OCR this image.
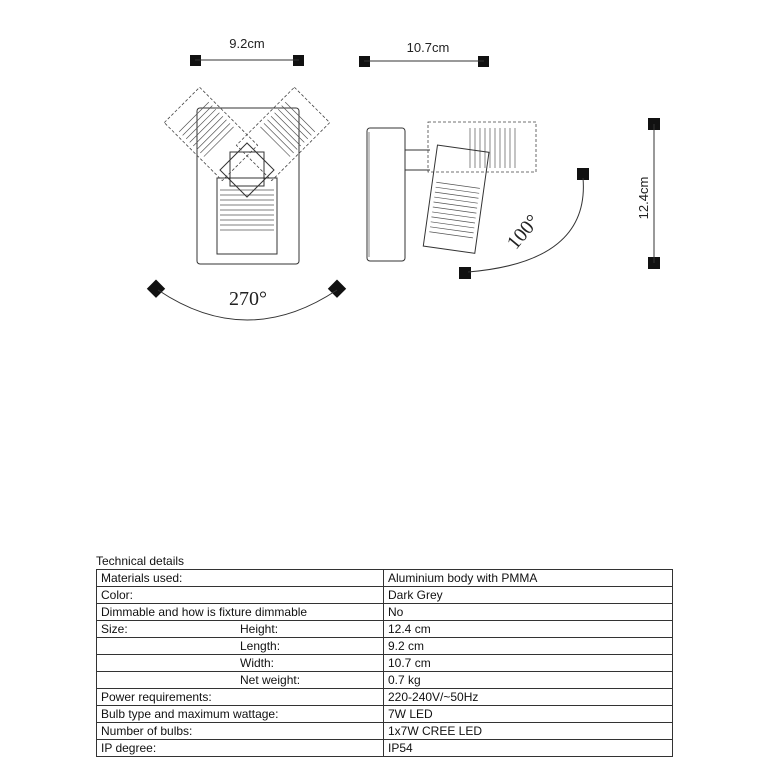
9.2cm
270°
10.7cm
100°
12.4cm
Technical details
Materials used:	Aluminium body with PMMA
Color:	Dark Grey
Dimmable and how is fixture dimmable	No
Size: Height:	12.4 cm
Length:	9.2 cm
Width:	10.7 cm
Net weight:	0.7 kg
Power requirements:	220-240V/~50Hz
Bulb type and maximum wattage:	7W LED
Number of bulbs:	1x7W CREE LED
IP degree:	IP54
